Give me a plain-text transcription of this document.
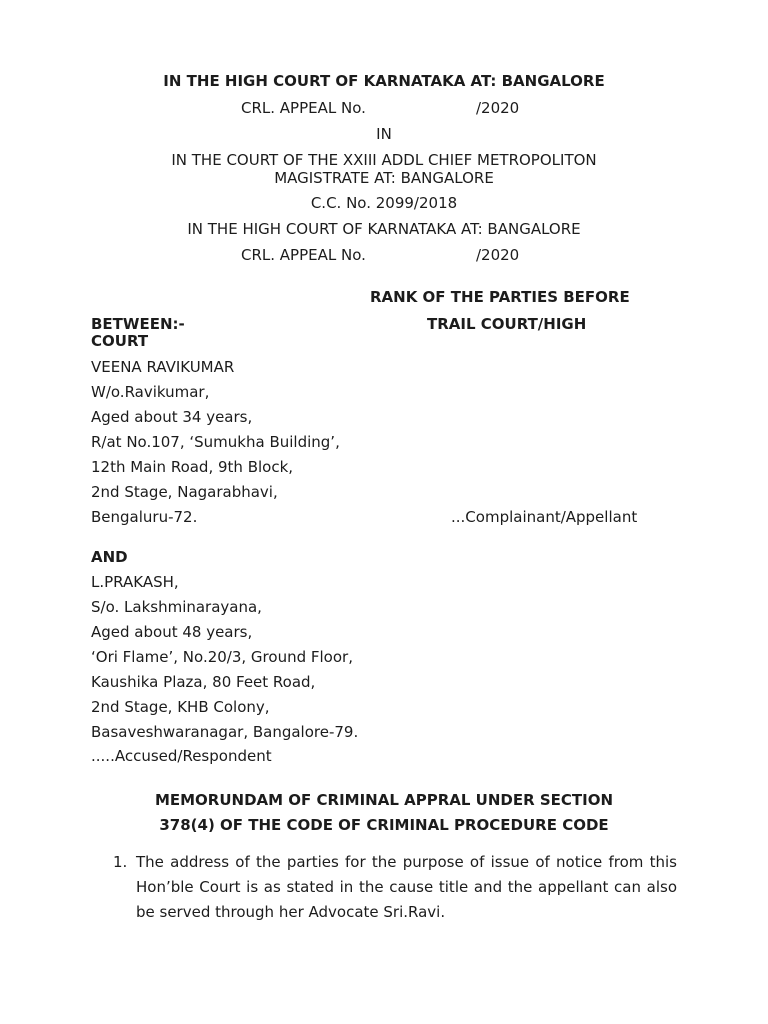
IN THE HIGH COURT OF KARNATAKA AT: BANGALORE
CRL. APPEAL No.	/2020
IN
IN THE COURT OF THE XXIII ADDL CHIEF METROPOLITON
MAGISTRATE AT: BANGALORE
C.C. No. 2099/2018
IN THE HIGH COURT OF KARNATAKA AT: BANGALORE
CRL. APPEAL No.	/2020
RANK OF THE PARTIES BEFORE
BETWEEN:-	TRAIL COURT/HIGH
COURT
VEENA RAVIKUMAR
W/o.Ravikumar,
Aged about 34 years,
R/at No.107, ‘Sumukha Building’,
12th Main Road, 9th Block,
2nd Stage, Nagarabhavi,
Bengaluru-72.	...Complainant/Appellant
AND
L.PRAKASH,
S/o. Lakshminarayana,
Aged about 48 years,
‘Ori Flame’, No.20/3, Ground Floor,
Kaushika Plaza, 80 Feet Road,
2nd Stage, KHB Colony,
Basaveshwaranagar, Bangalore-79.
.....Accused/Respondent
MEMORUNDAM OF CRIMINAL APPRAL UNDER SECTION
378(4) OF THE CODE OF CRIMINAL PROCEDURE CODE
1. The address of the parties for the purpose of issue of notice from this Hon’ble Court is as stated in the cause title and the appellant can also be served through her Advocate Sri.Ravi.
